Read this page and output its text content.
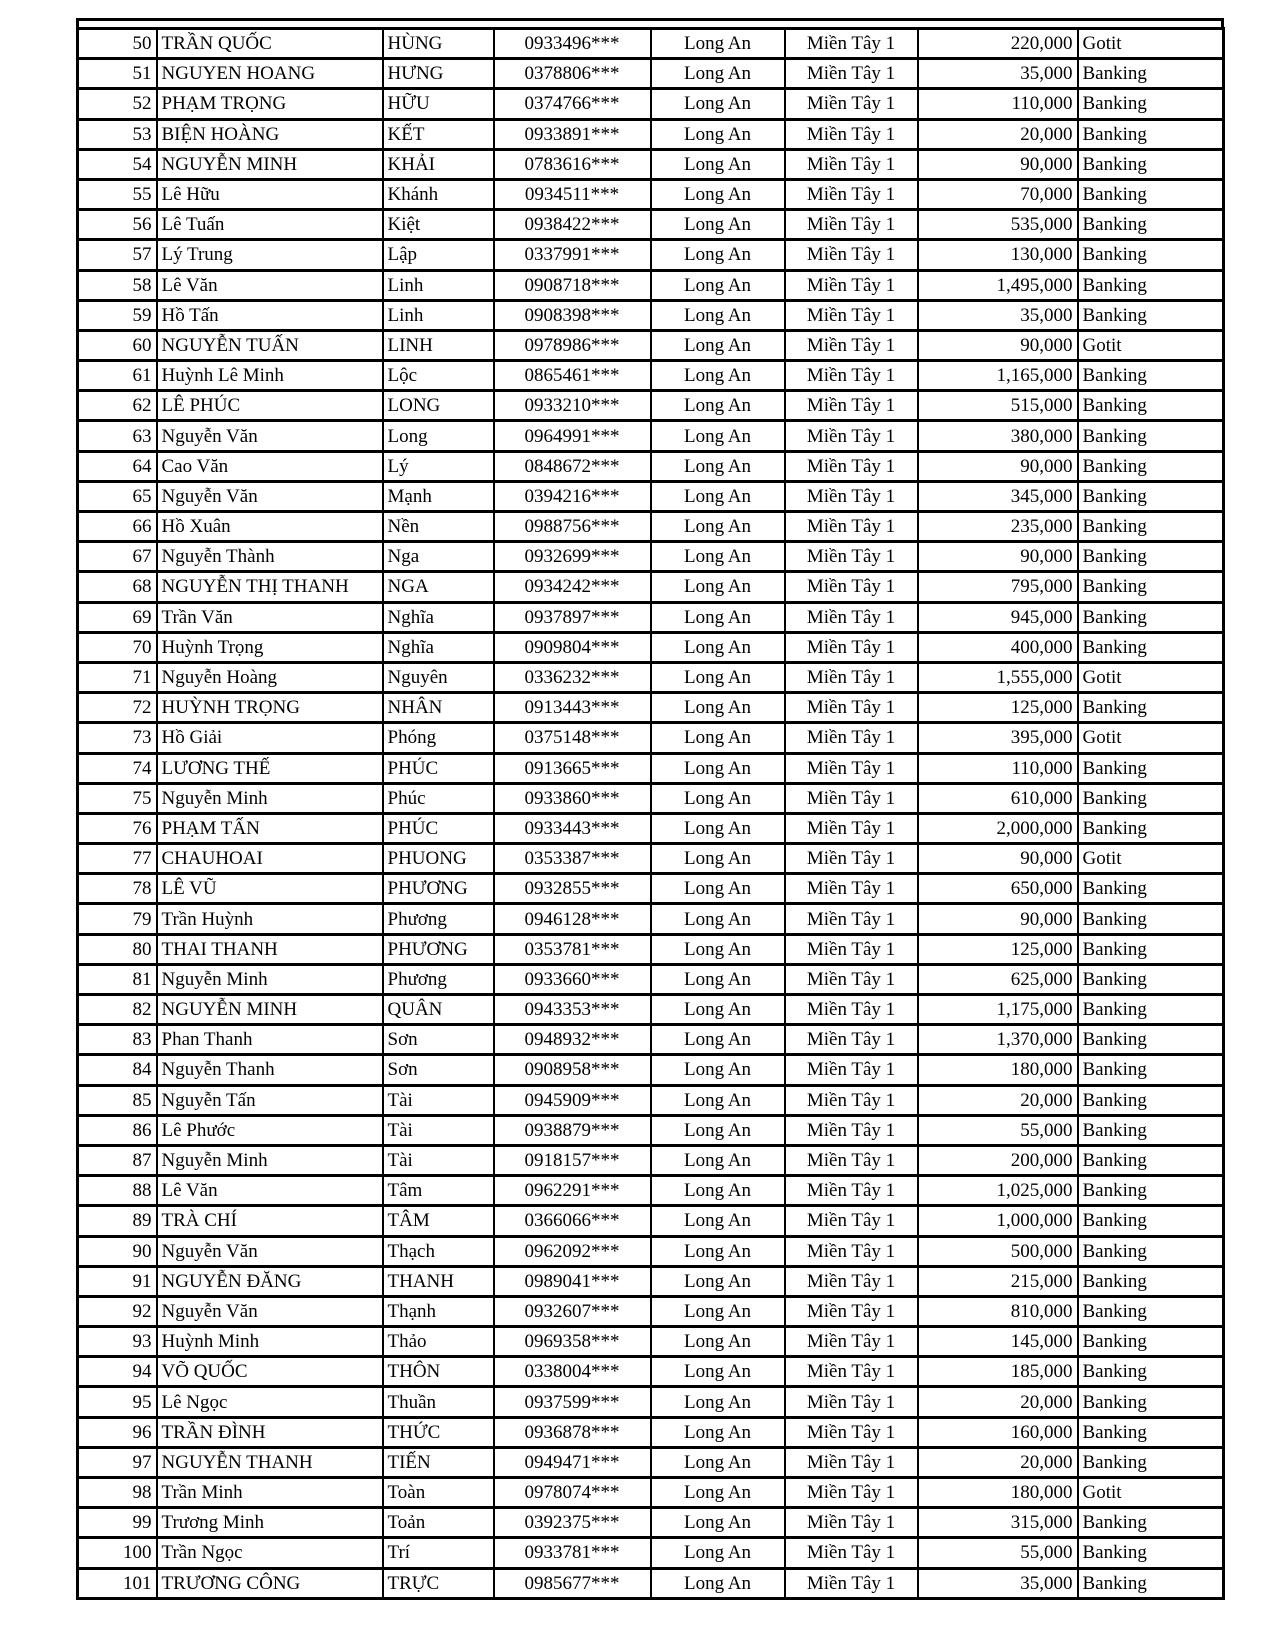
50	TRẦN QUỐC	HÙNG	0933496***	Long An	Miền Tây 1	220,000	Gotit
51	NGUYEN HOANG	HƯNG	0378806***	Long An	Miền Tây 1	35,000	Banking
52	PHẠM TRỌNG	HỮU	0374766***	Long An	Miền Tây 1	110,000	Banking
53	BIỆN HOÀNG	KẾT	0933891***	Long An	Miền Tây 1	20,000	Banking
54	NGUYỄN MINH	KHẢI	0783616***	Long An	Miền Tây 1	90,000	Banking
55	Lê Hữu	Khánh	0934511***	Long An	Miền Tây 1	70,000	Banking
56	Lê Tuấn	Kiệt	0938422***	Long An	Miền Tây 1	535,000	Banking
57	Lý Trung	Lập	0337991***	Long An	Miền Tây 1	130,000	Banking
58	Lê Văn	Linh	0908718***	Long An	Miền Tây 1	1,495,000	Banking
59	Hồ Tấn	Linh	0908398***	Long An	Miền Tây 1	35,000	Banking
60	NGUYỄN TUẤN	LINH	0978986***	Long An	Miền Tây 1	90,000	Gotit
61	Huỳnh Lê Minh	Lộc	0865461***	Long An	Miền Tây 1	1,165,000	Banking
62	LÊ PHÚC	LONG	0933210***	Long An	Miền Tây 1	515,000	Banking
63	Nguyễn Văn	Long	0964991***	Long An	Miền Tây 1	380,000	Banking
64	Cao Văn	Lý	0848672***	Long An	Miền Tây 1	90,000	Banking
65	Nguyễn Văn	Mạnh	0394216***	Long An	Miền Tây 1	345,000	Banking
66	Hồ Xuân	Nền	0988756***	Long An	Miền Tây 1	235,000	Banking
67	Nguyễn Thành	Nga	0932699***	Long An	Miền Tây 1	90,000	Banking
68	NGUYỄN THỊ THANH	NGA	0934242***	Long An	Miền Tây 1	795,000	Banking
69	Trần Văn	Nghĩa	0937897***	Long An	Miền Tây 1	945,000	Banking
70	Huỳnh Trọng	Nghĩa	0909804***	Long An	Miền Tây 1	400,000	Banking
71	Nguyễn Hoàng	Nguyên	0336232***	Long An	Miền Tây 1	1,555,000	Gotit
72	HUỲNH TRỌNG	NHÂN	0913443***	Long An	Miền Tây 1	125,000	Banking
73	Hồ Giải	Phóng	0375148***	Long An	Miền Tây 1	395,000	Gotit
74	LƯƠNG THẾ	PHÚC	0913665***	Long An	Miền Tây 1	110,000	Banking
75	Nguyễn Minh	Phúc	0933860***	Long An	Miền Tây 1	610,000	Banking
76	PHẠM TẤN	PHÚC	0933443***	Long An	Miền Tây 1	2,000,000	Banking
77	CHAUHOAI	PHUONG	0353387***	Long An	Miền Tây 1	90,000	Gotit
78	LÊ VŨ	PHƯƠNG	0932855***	Long An	Miền Tây 1	650,000	Banking
79	Trần Huỳnh	Phương	0946128***	Long An	Miền Tây 1	90,000	Banking
80	THAI THANH	PHƯƠNG	0353781***	Long An	Miền Tây 1	125,000	Banking
81	Nguyễn Minh	Phương	0933660***	Long An	Miền Tây 1	625,000	Banking
82	NGUYỄN MINH	QUÂN	0943353***	Long An	Miền Tây 1	1,175,000	Banking
83	Phan Thanh	Sơn	0948932***	Long An	Miền Tây 1	1,370,000	Banking
84	Nguyễn Thanh	Sơn	0908958***	Long An	Miền Tây 1	180,000	Banking
85	Nguyễn Tấn	Tài	0945909***	Long An	Miền Tây 1	20,000	Banking
86	Lê Phước	Tài	0938879***	Long An	Miền Tây 1	55,000	Banking
87	Nguyễn Minh	Tài	0918157***	Long An	Miền Tây 1	200,000	Banking
88	Lê Văn	Tâm	0962291***	Long An	Miền Tây 1	1,025,000	Banking
89	TRÀ CHÍ	TÂM	0366066***	Long An	Miền Tây 1	1,000,000	Banking
90	Nguyễn Văn	Thạch	0962092***	Long An	Miền Tây 1	500,000	Banking
91	NGUYỄN ĐĂNG	THANH	0989041***	Long An	Miền Tây 1	215,000	Banking
92	Nguyễn Văn	Thạnh	0932607***	Long An	Miền Tây 1	810,000	Banking
93	Huỳnh Minh	Thảo	0969358***	Long An	Miền Tây 1	145,000	Banking
94	VÕ QUỐC	THÔN	0338004***	Long An	Miền Tây 1	185,000	Banking
95	Lê Ngọc	Thuần	0937599***	Long An	Miền Tây 1	20,000	Banking
96	TRẦN ĐÌNH	THỨC	0936878***	Long An	Miền Tây 1	160,000	Banking
97	NGUYỄN THANH	TIẾN	0949471***	Long An	Miền Tây 1	20,000	Banking
98	Trần Minh	Toàn	0978074***	Long An	Miền Tây 1	180,000	Gotit
99	Trương Minh	Toản	0392375***	Long An	Miền Tây 1	315,000	Banking
100	Trần Ngọc	Trí	0933781***	Long An	Miền Tây 1	55,000	Banking
101	TRƯƠNG CÔNG	TRỰC	0985677***	Long An	Miền Tây 1	35,000	Banking
